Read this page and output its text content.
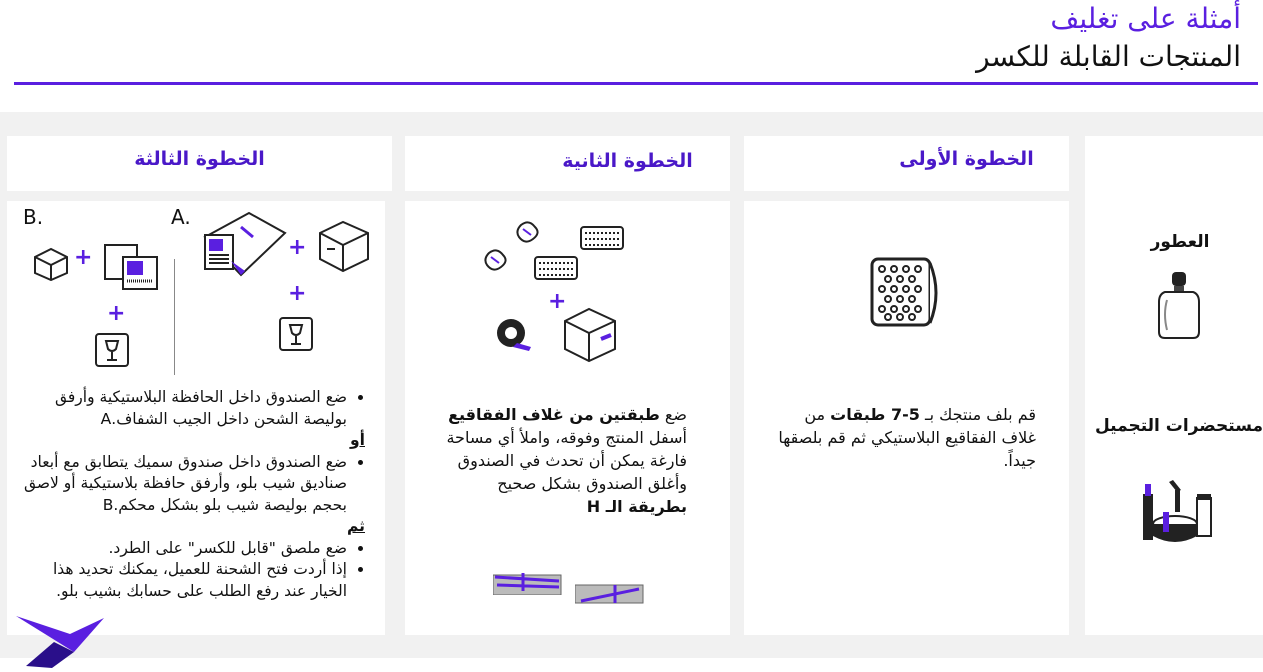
أمثلة على تغليف
المنتجات القابلة للكسر
العطور
مستحضرات التجميل
الخطوة الأولى
قم بلف منتجك بـ 5-7 طبقات من غلاف الفقاقيع البلاستيكي ثم قم بلصقها جيداً.
الخطوة الثانية
+
ضع طبقتين من غلاف الفقاقيع أسفل المنتج وفوقه، واملأ أي مساحة فارغة يمكن أن تحدث في الصندوق وأغلق الصندوق بشكل صحيح بطريقة الـ H
الخطوة الثالثة
B.	A.
+
+
+
+
• ضع الصندوق داخل الحافظة البلاستيكية وأرفق بوليصة الشحن داخل الجيب الشفاف.A
أو
• ضع الصندوق داخل صندوق سميك يتطابق مع أبعاد صناديق شيب بلو، وأرفق حافظة بلاستيكية أو لاصق بحجم بوليصة شيب بلو بشكل محكم.B
ثم
• ضع ملصق "قابل للكسر" على الطرد.
• إذا أردت فتح الشحنة للعميل، يمكنك تحديد هذا الخيار عند رفع الطلب على حسابك بشيب بلو.
